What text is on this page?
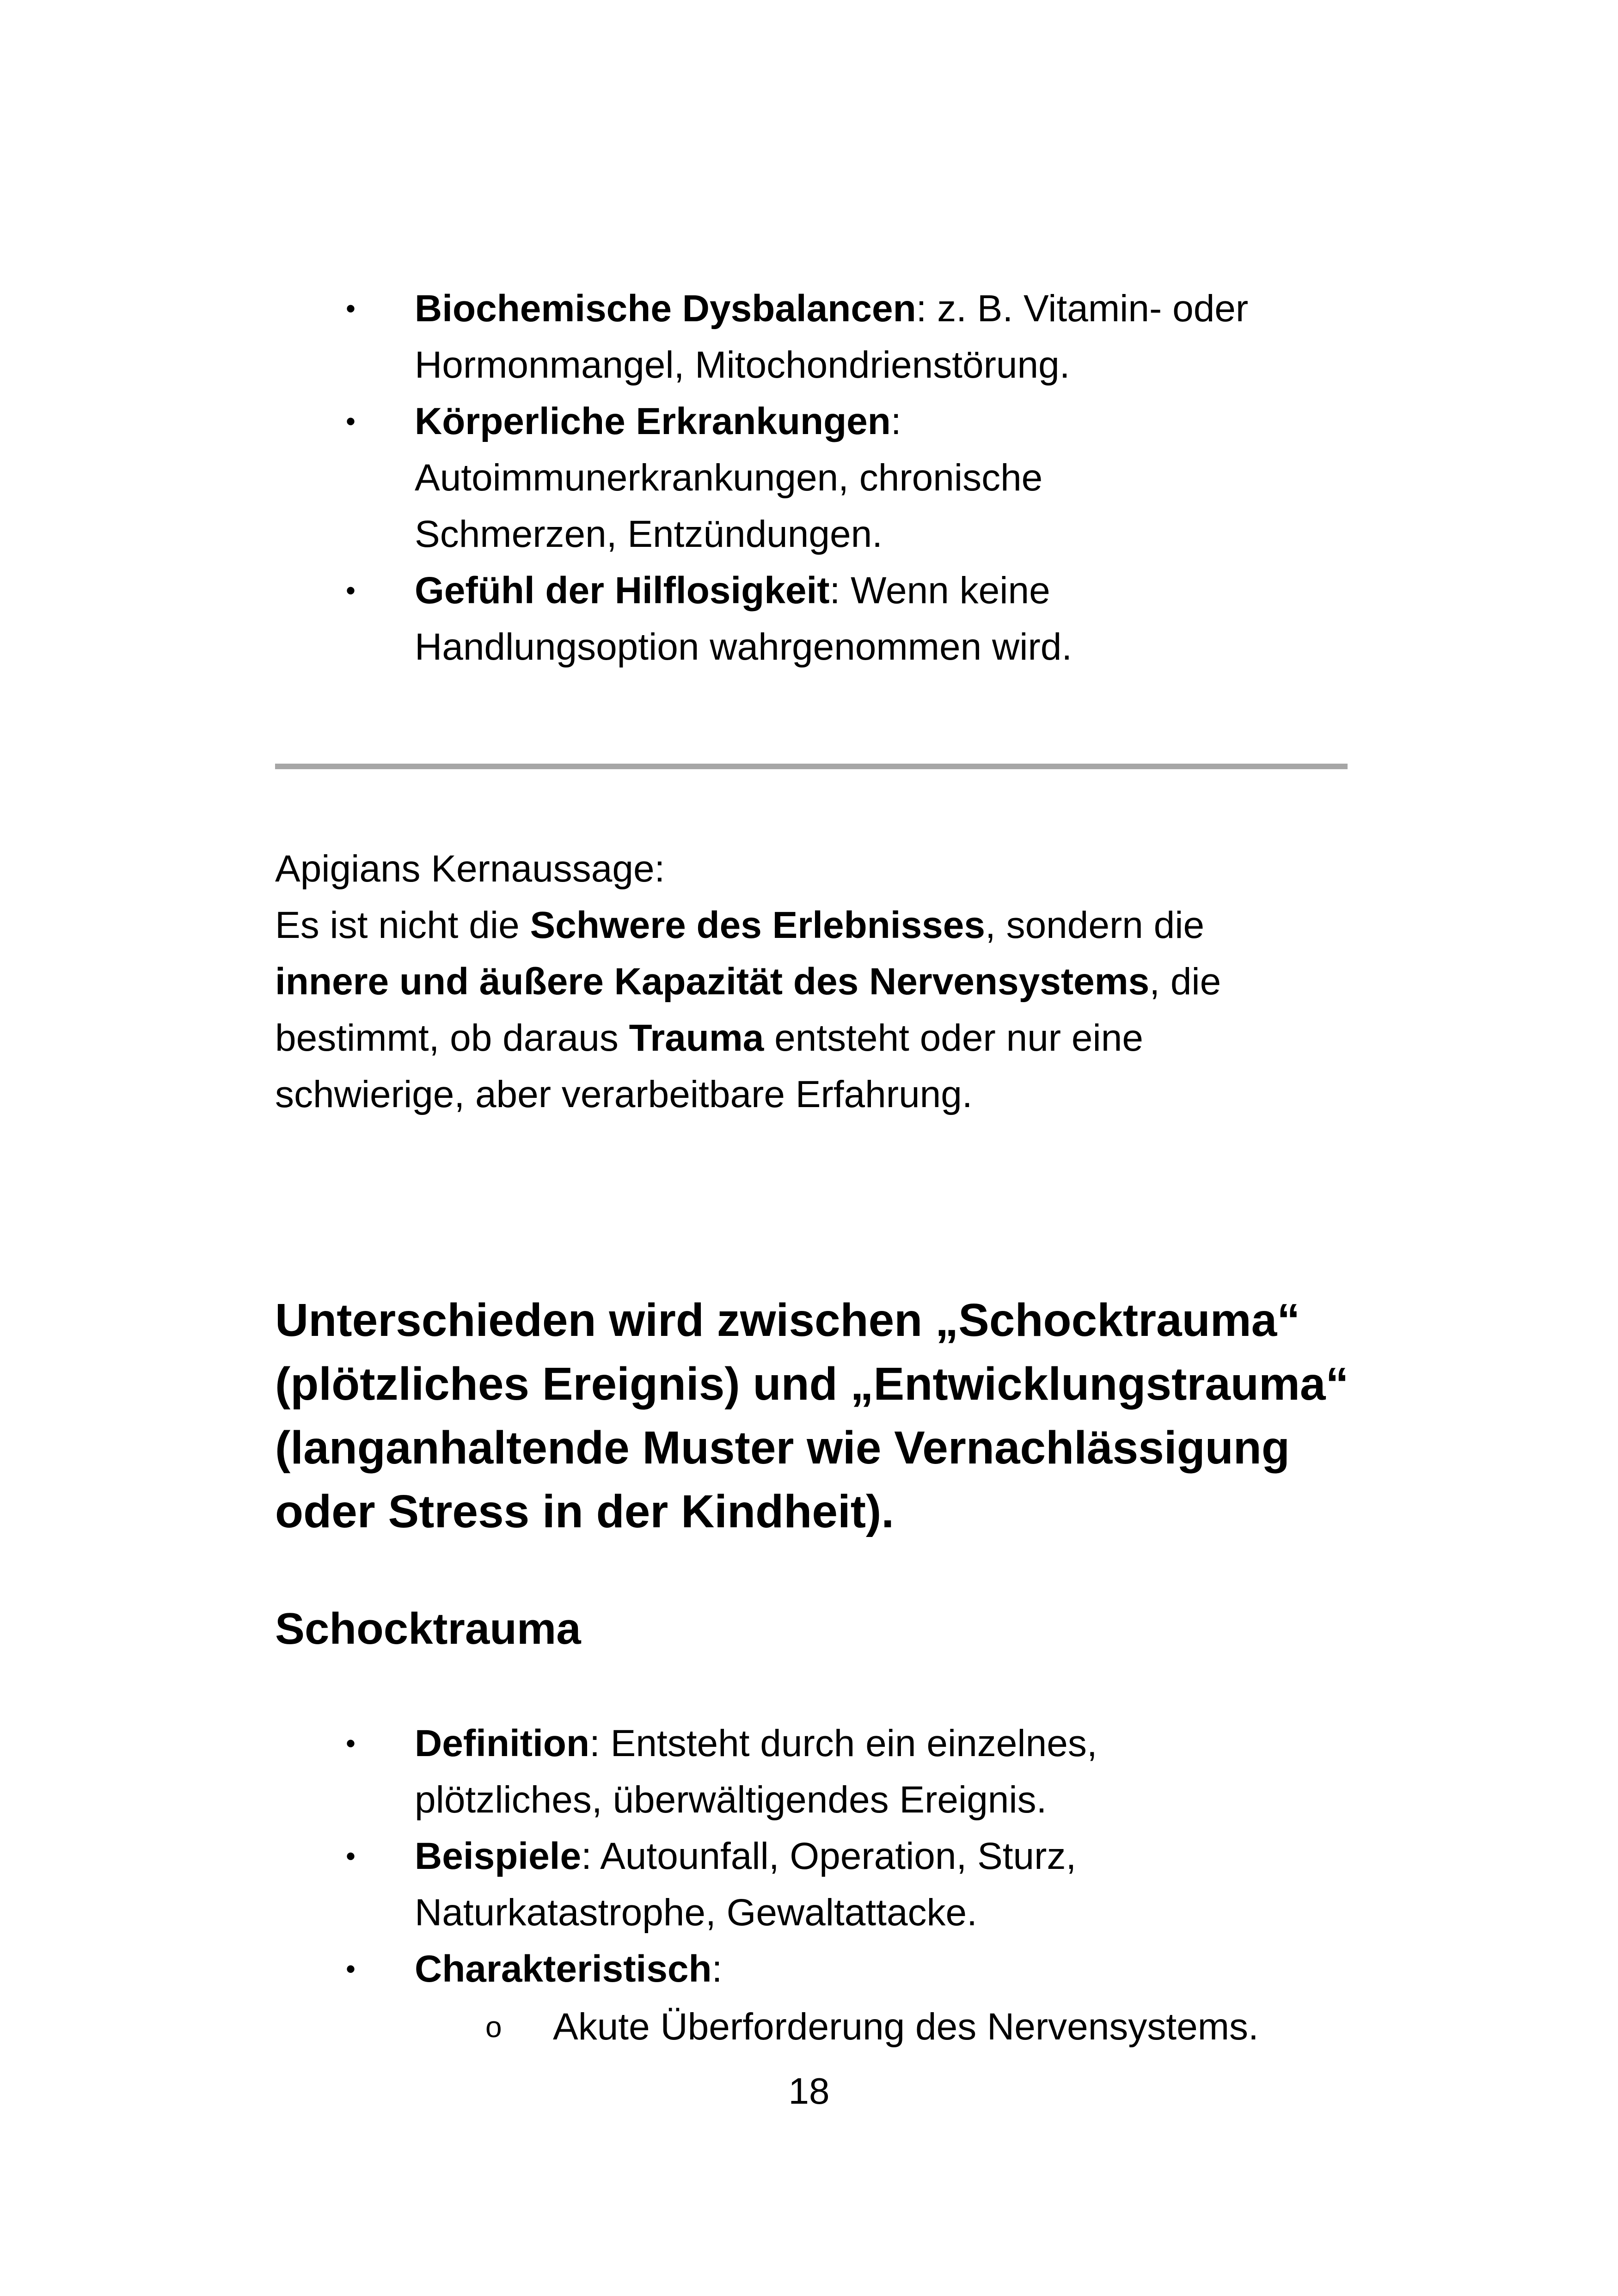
•	Biochemische Dysbalancen: z. B. Vitamin- oder
Hormonmangel, Mitochondrienstörung.
•	Körperliche Erkrankungen:
Autoimmunerkrankungen, chronische
Schmerzen, Entzündungen.
•	Gefühl der Hilflosigkeit: Wenn keine
Handlungsoption wahrgenommen wird.
Apigians Kernaussage:
Es ist nicht die Schwere des Erlebnisses, sondern die
innere und äußere Kapazität des Nervensystems, die
bestimmt, ob daraus Trauma entsteht oder nur eine
schwierige, aber verarbeitbare Erfahrung.
Unterschieden wird zwischen „Schocktrauma“
(plötzliches Ereignis) und „Entwicklungstrauma“
(langanhaltende Muster wie Vernachlässigung
oder Stress in der Kindheit).
Schocktrauma
•	Definition: Entsteht durch ein einzelnes,
plötzliches, überwältigendes Ereignis.
•	Beispiele: Autounfall, Operation, Sturz,
Naturkatastrophe, Gewaltattacke.
•	Charakteristisch:
o	Akute Überforderung des Nervensystems.
18
